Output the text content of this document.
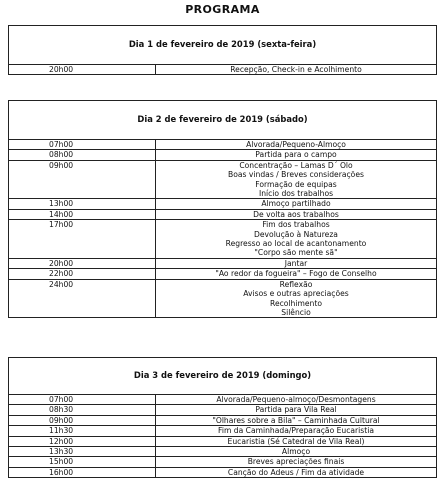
PROGRAMA
Dia 1 de fevereiro de 2019 (sexta-feira)
20h00	Recepção, Check-in e Acolhimento
Dia 2 de fevereiro de 2019 (sábado)	
07h00	Alvorada/Pequeno-Almoço

08h00	Partida para o campo

09h00	Concentração – Lamas D´ Olo
Boas vindas / Breves considerações
Formação de equipas
Início dos trabalhos

13h00	Almoço partilhado

14h00	De volta aos trabalhos

17h00	Fim dos trabalhos
Devolução à Natureza
Regresso ao local de acantonamento
"Corpo são mente sã"

20h00	Jantar

22h00	"Ao redor da fogueira" – Fogo de Conselho

24h00	Reflexão
Avisos e outras apreciações
Recolhimento
Silêncio
Dia 3 de fevereiro de 2019 (domingo)	
07h00	Alvorada/Pequeno-almoço/Desmontagens

08h30	Partida para Vila Real

09h00	"Olhares sobre a Bila" – Caminhada Cultural

11h30	Fim da Caminhada/Preparação Eucaristia

12h00	Eucaristia (Sé Catedral de Vila Real)

13h30	Almoço

15h00	Breves apreciações finais

16h00	Canção do Adeus / Fim da atividade
